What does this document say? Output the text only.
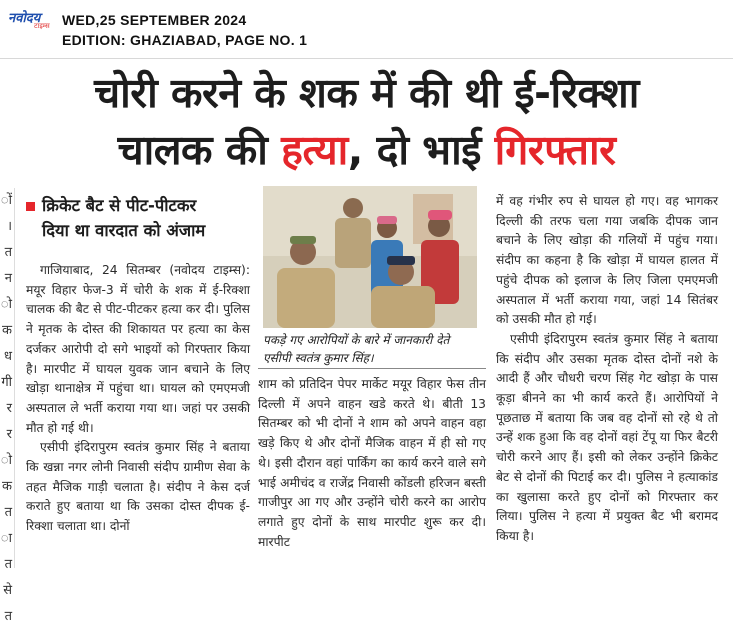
नवोदय
टाइम्स WED,25 SEPTEMBER 2024
EDITION: GHAZIABAD, PAGE NO. 1
चोरी करने के शक में की थी ई-रिक्शा
चालक की हत्या, दो भाई गिरफ्तार
ों
।
त
न
ो
क
ध
गी
र
र
ो
क
त
ा
त
से
त
क्रिकेट बैट से पीट-पीटकर
दिया था वारदात को अंजाम

गाजियाबाद, 24 सितम्बर (नवोदय टाइम्स): मयूर विहार फेज-3 में चोरी के शक में ई-रिक्शा चालक की बैट से पीट-पीटकर हत्या कर दी। पुलिस ने मृतक के दोस्त की शिकायत पर हत्या का केस दर्जकर आरोपी दो सगे भाइयों को गिरफ्तार किया है। मारपीट में घायल युवक जान बचाने के लिए खोड़ा थानाक्षेत्र में पहुंचा था। घायल को एमएमजी अस्पताल ले भर्ती कराया गया था। जहां पर उसकी मौत हो गई थी।

एसीपी इंदिरापुरम स्वतंत्र कुमार सिंह ने बताया कि खन्ना नगर लोनी निवासी संदीप ग्रामीण सेवा के तहत मैजिक गाड़ी चलाता है। संदीप ने केस दर्ज कराते हुए बताया था कि उसका दोस्त दीपक ई-रिक्शा चलाता था। दोनों

पकड़े गए आरोपियों के बारे में जानकारी देते एसीपी स्वतंत्र कुमार सिंह।

शाम को प्रतिदिन पेपर मार्केट मयूर विहार फेस तीन दिल्ली में अपने वाहन खडे करते थे। बीती 13 सितम्बर को भी दोनों ने शाम को अपने वाहन वहा खड़े किए थे और दोनों मैजिक वाहन में ही सो गए थे। इसी दौरान वहां पार्किंग का कार्य करने वाले सगे भाई अमीचंद व राजेंद्र निवासी कोंडली हरिजन बस्ती गाजीपुर आ गए और उन्होंने चोरी करने का आरोप लगाते हुए दोनों के साथ मारपीट शुरू कर दी। मारपीट

में वह गंभीर रुप से घायल हो गए। वह भागकर दिल्ली की तरफ चला गया जबकि दीपक जान बचाने के लिए खोड़ा की गलियों में पहुंच गया। संदीप का कहना है कि खोड़ा में घायल हालत में पहुंचे दीपक को इलाज के लिए जिला एमएमजी अस्पताल में भर्ती कराया गया, जहां 14 सितंबर को उसकी मौत हो गई।

एसीपी इंदिरापुरम स्वतंत्र कुमार सिंह ने बताया कि संदीप और उसका मृतक दोस्त दोनों नशे के आदी हैं और चौधरी चरण सिंह गेट खोड़ा के पास कूड़ा बीनने का भी कार्य करते हैं। आरोपियों ने पूछताछ में बताया कि जब वह दोनों सो रहे थे तो उन्हें शक हुआ कि वह दोनों वहां टेंपू या फिर बैटरी चोरी करने आए हैं। इसी को लेकर उन्होंने क्रिकेट बेट से दोनों की पिटाई कर दी। पुलिस ने हत्याकांड का खुलासा करते हुए दोनों को गिरफ्तार कर लिया। पुलिस ने हत्या में प्रयुक्त बैट भी बरामद किया है।
